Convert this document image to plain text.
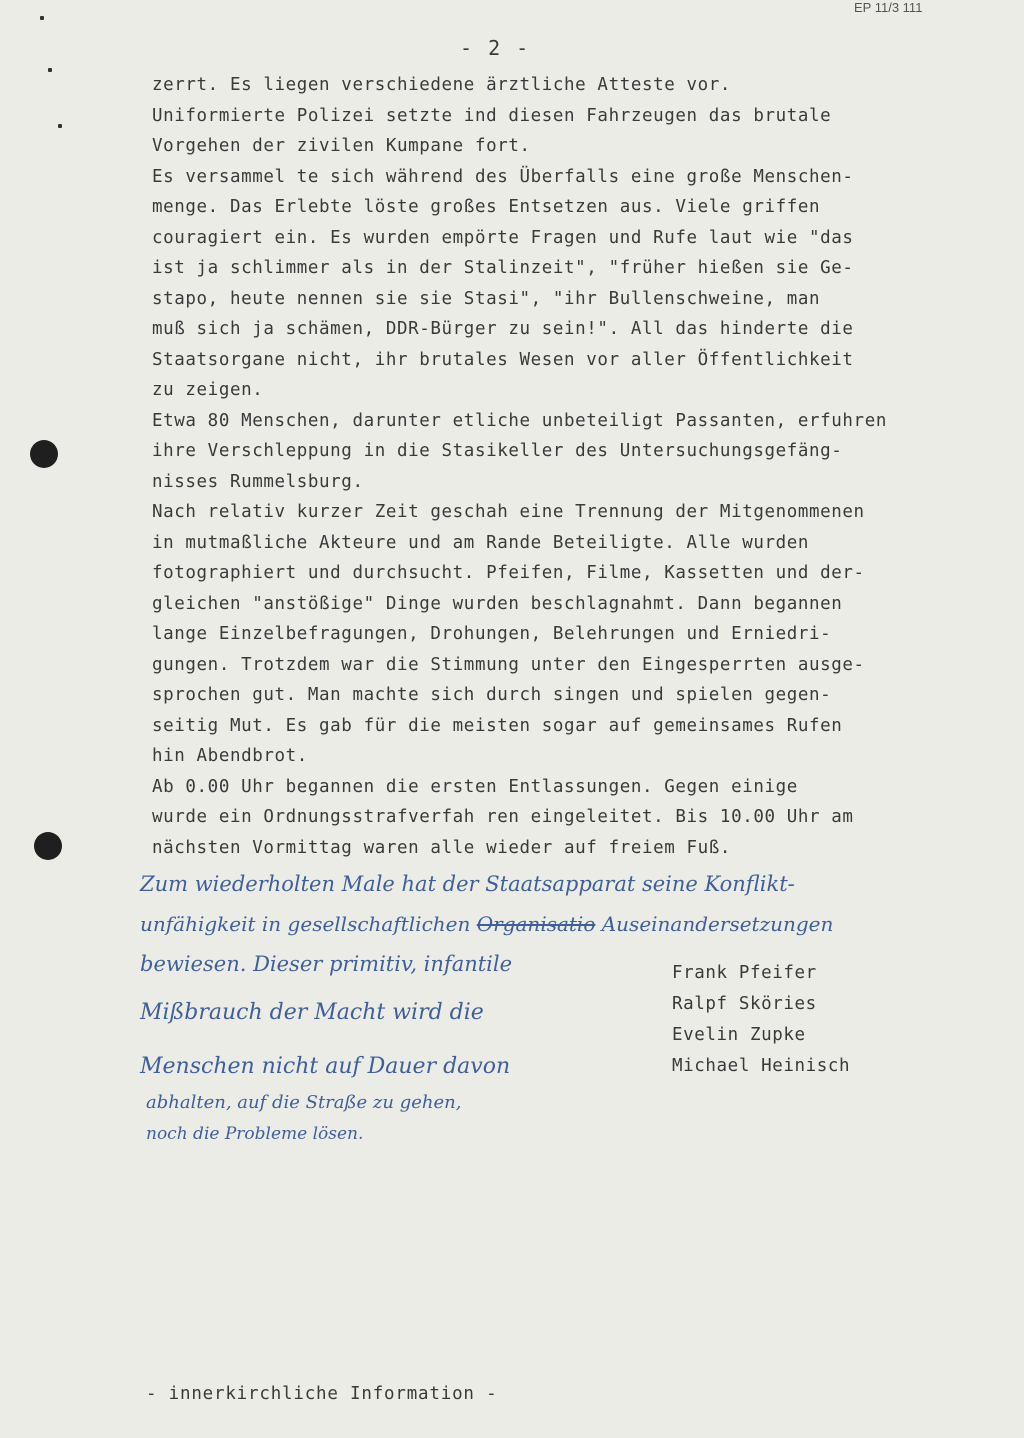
EP 11/3 111
- 2 -
zerrt. Es liegen verschiedene ärztliche Atteste vor.
Uniformierte Polizei setzte ind diesen Fahrzeugen das brutale
Vorgehen der zivilen Kumpane fort.
Es versammel te sich während des Überfalls eine große Menschen-
menge. Das Erlebte löste großes Entsetzen aus. Viele griffen
couragiert ein. Es wurden empörte Fragen und Rufe laut wie "das
ist ja schlimmer als in der Stalinzeit", "früher hießen sie Ge-
stapo, heute nennen sie sie Stasi", "ihr Bullenschweine, man
muß sich ja schämen, DDR-Bürger zu sein!". All das hinderte die
Staatsorgane nicht, ihr brutales Wesen vor aller Öffentlichkeit
zu zeigen.
Etwa 80 Menschen, darunter etliche unbeteiligt Passanten, erfuhren
ihre Verschleppung in die Stasikeller des Untersuchungsgefäng-
nisses Rummelsburg.
Nach relativ kurzer Zeit geschah eine Trennung der Mitgenommenen
in mutmaßliche Akteure und am Rande Beteiligte. Alle wurden
fotographiert und durchsucht. Pfeifen, Filme, Kassetten und der-
gleichen "anstößige" Dinge wurden beschlagnahmt. Dann begannen
lange Einzelbefragungen, Drohungen, Belehrungen und Erniedri-
gungen. Trotzdem war die Stimmung unter den Eingesperrten ausge-
sprochen gut. Man machte sich durch singen und spielen gegen-
seitig Mut. Es gab für die meisten sogar auf gemeinsames Rufen
hin Abendbrot.
Ab 0.00 Uhr begannen die ersten Entlassungen. Gegen einige
wurde ein Ordnungsstrafverfah ren eingeleitet. Bis 10.00 Uhr am
nächsten Vormittag waren alle wieder auf freiem Fuß.
Zum wiederholten Male hat der Staatsapparat seine Konflikt-
unfähigkeit in gesellschaftlichen Organisatio Auseinandersetzungen
bewiesen. Dieser primitiv, infantile
Mißbrauch der Macht wird die
Menschen nicht auf Dauer davon
abhalten, auf die Straße zu gehen,
noch die Probleme lösen.
Frank Pfeifer
Ralpf Sköries
Evelin Zupke
Michael Heinisch
- innerkirchliche Information -
